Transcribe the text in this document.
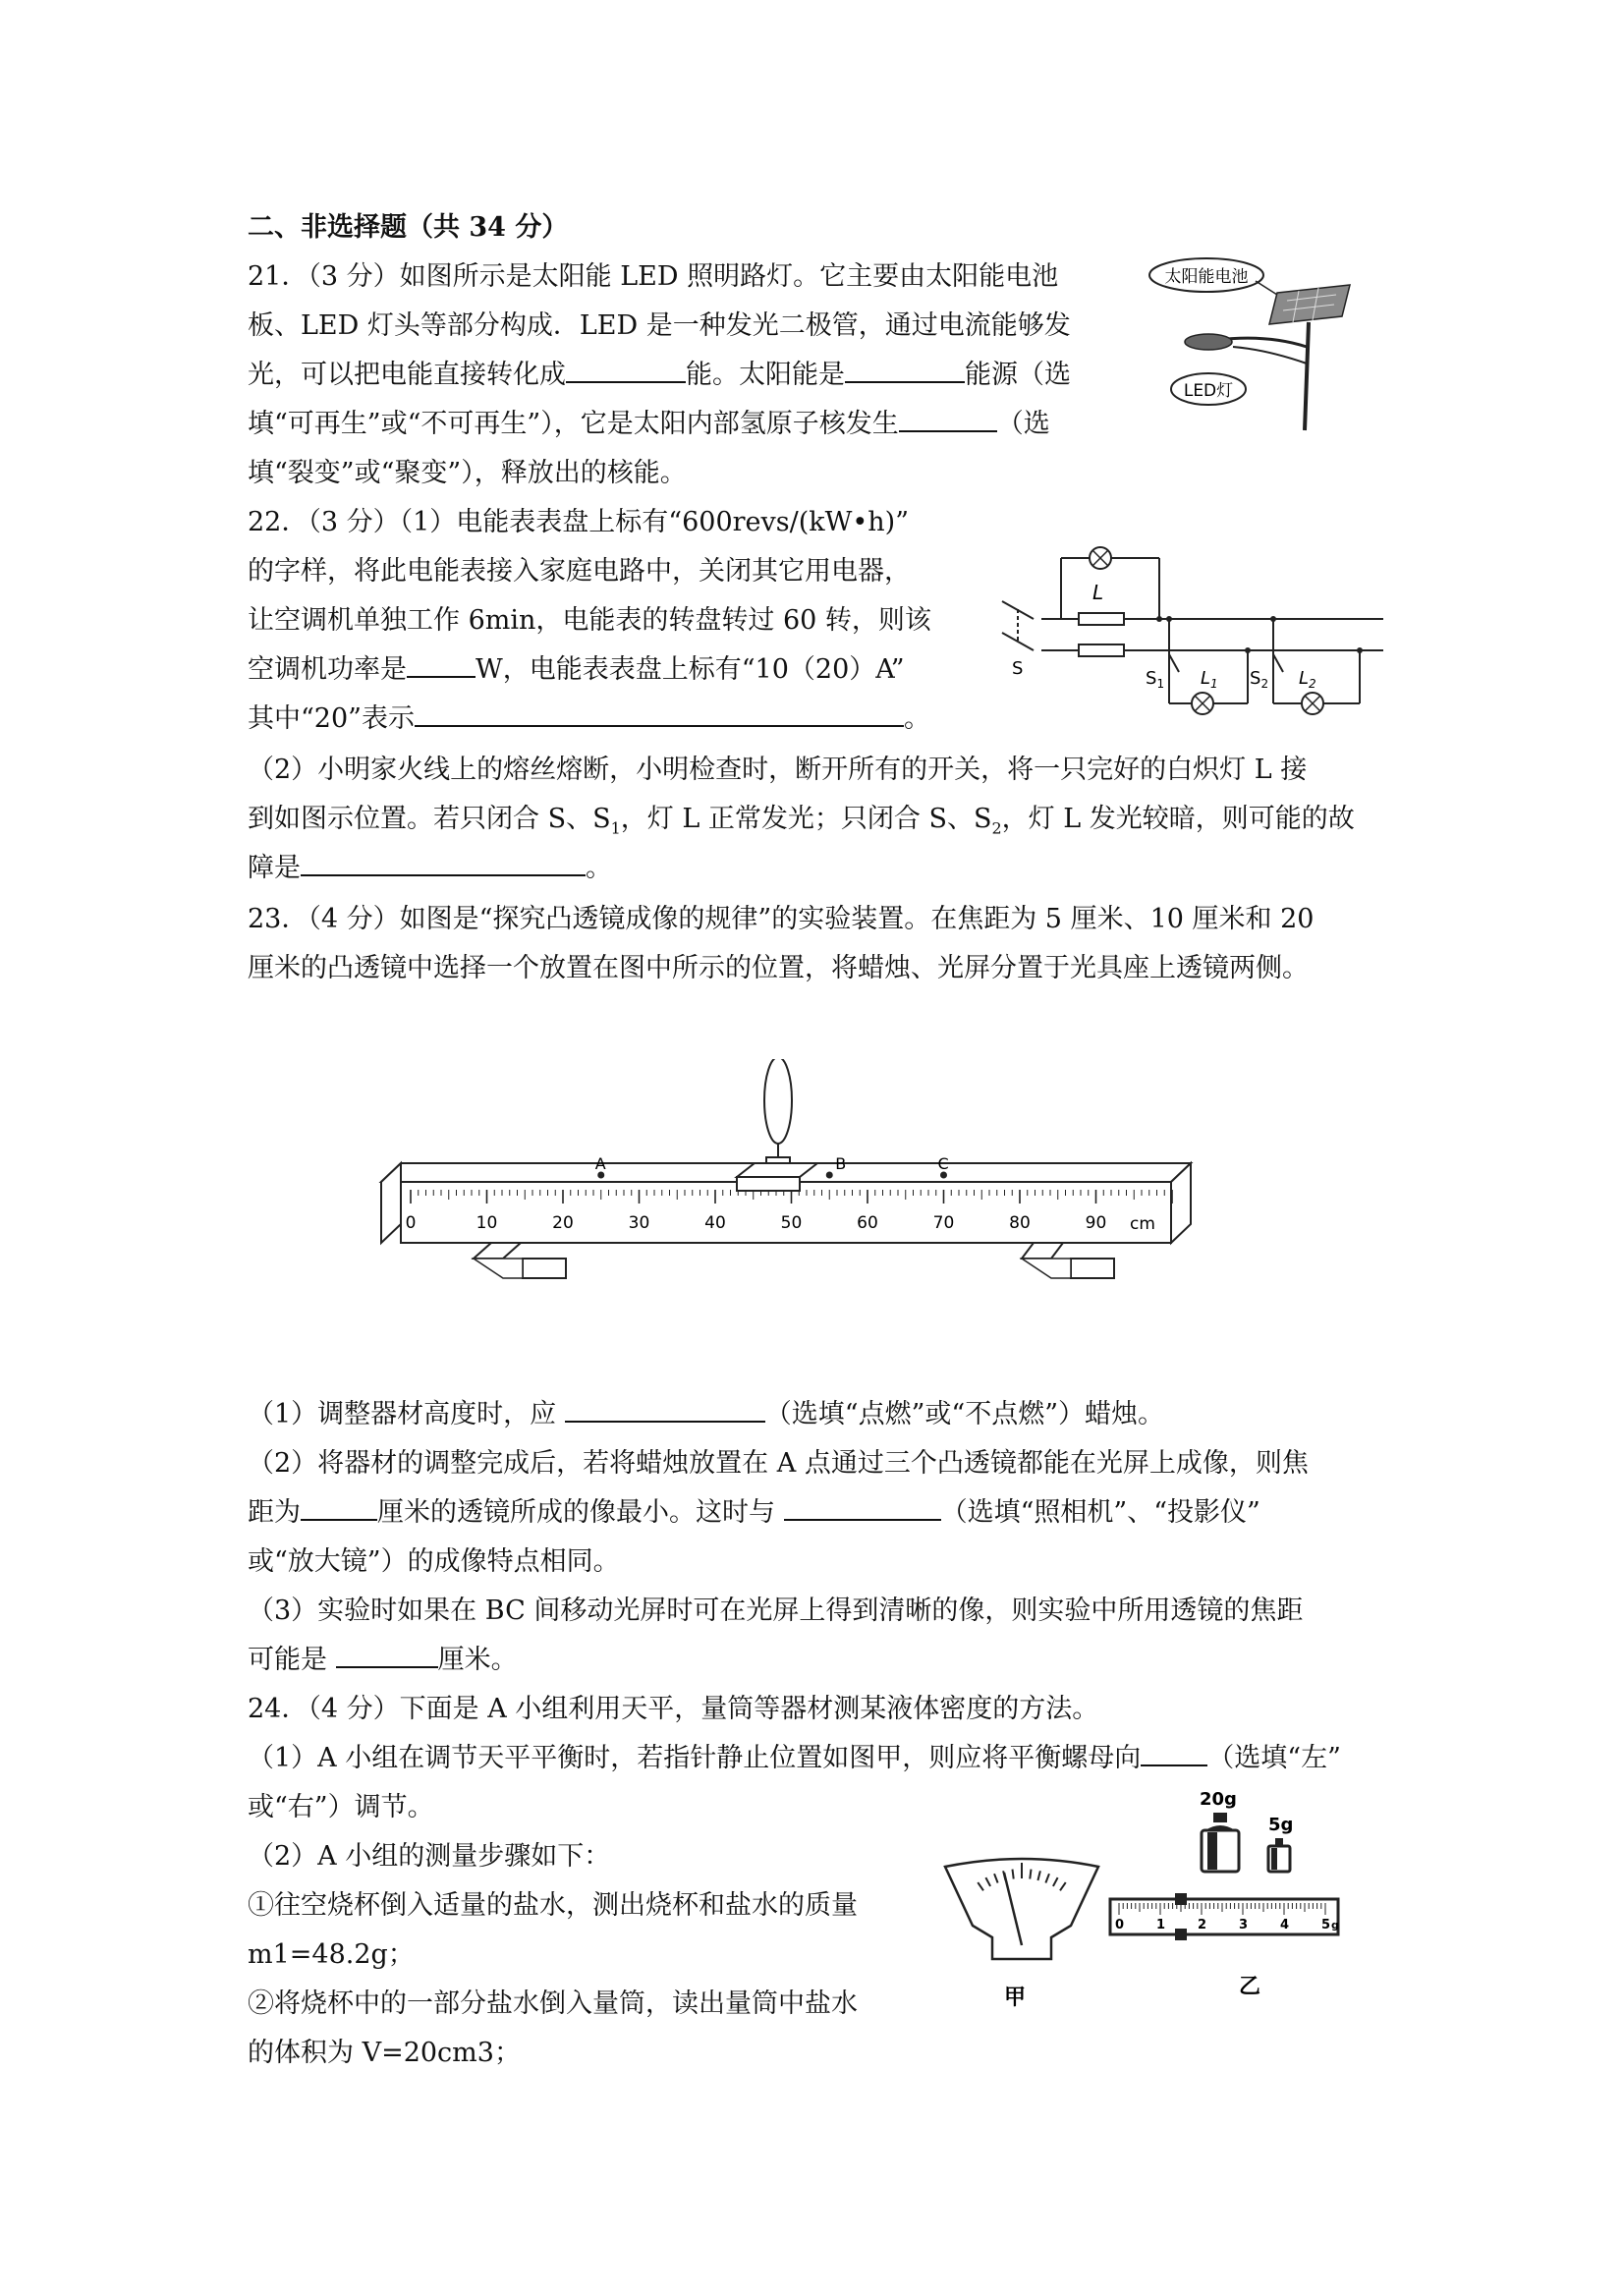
二、非选择题（共 34 分）
21．（3 分）如图所示是太阳能 LED 照明路灯。它主要由太阳能电池
板、LED 灯头等部分构成．LED 是一种发光二极管，通过电流能够发
光，可以把电能直接转化成	能。太阳能是	能源（选
填“可再生”或“不可再生”），它是太阳内部氢原子核发生	（选
填“裂变”或“聚变”），释放出的核能。
太阳能电池
LED灯
22．（3 分）（1）电能表表盘上标有“600revs/(kW•h)”
的字样，将此电能表接入家庭电路中，关闭其它用电器，
让空调机单独工作 6min，电能表的转盘转过 60 转，则该
空调机功率是	W，电能表表盘上标有“10（20）A”
其中“20”表示	。
（2）小明家火线上的熔丝熔断，小明检查时，断开所有的开关，将一只完好的白炽灯 L 接
到如图示位置。若只闭合 S、$S_1$，灯 L 正常发光；只闭合 S、$S_2$，灯 L 发光较暗，则可能的故
障是	。
L
S	$S_1$ $L_1$ $S_2$ $L_2$
23．（4 分）如图是“探究凸透镜成像的规律”的实验装置。在焦距为 5 厘米、10 厘米和 20
厘米的凸透镜中选择一个放置在图中所示的位置，将蜡烛、光屏分置于光具座上透镜两侧。
0	10	20	30	40	50	60	70	80	90
A	B	C
cm
（1）调整器材高度时，应	（选填“点燃”或“不点燃”）蜡烛。
（2）将器材的调整完成后，若将蜡烛放置在 A 点通过三个凸透镜都能在光屏上成像，则焦
距为	厘米的透镜所成的像最小。这时与	（选填“照相机”、“投影仪”
或“放大镜”）的成像特点相同。
（3）实验时如果在 BC 间移动光屏时可在光屏上得到清晰的像，则实验中所用透镜的焦距
可能是	厘米。
24．（4 分）下面是 A 小组利用天平，量筒等器材测某液体密度的方法。
（1）A 小组在调节天平平衡时，若指针静止位置如图甲，则应将平衡螺母向	（选填“左”
或“右”）调节。
（2）A 小组的测量步骤如下：
①往空烧杯倒入适量的盐水，测出烧杯和盐水的质量
m1=48.2g；
②将烧杯中的一部分盐水倒入量筒，读出量筒中盐水
的体积为 V=20cm3；
甲
20g
5g
0	1	2	3	4	5 g
乙
